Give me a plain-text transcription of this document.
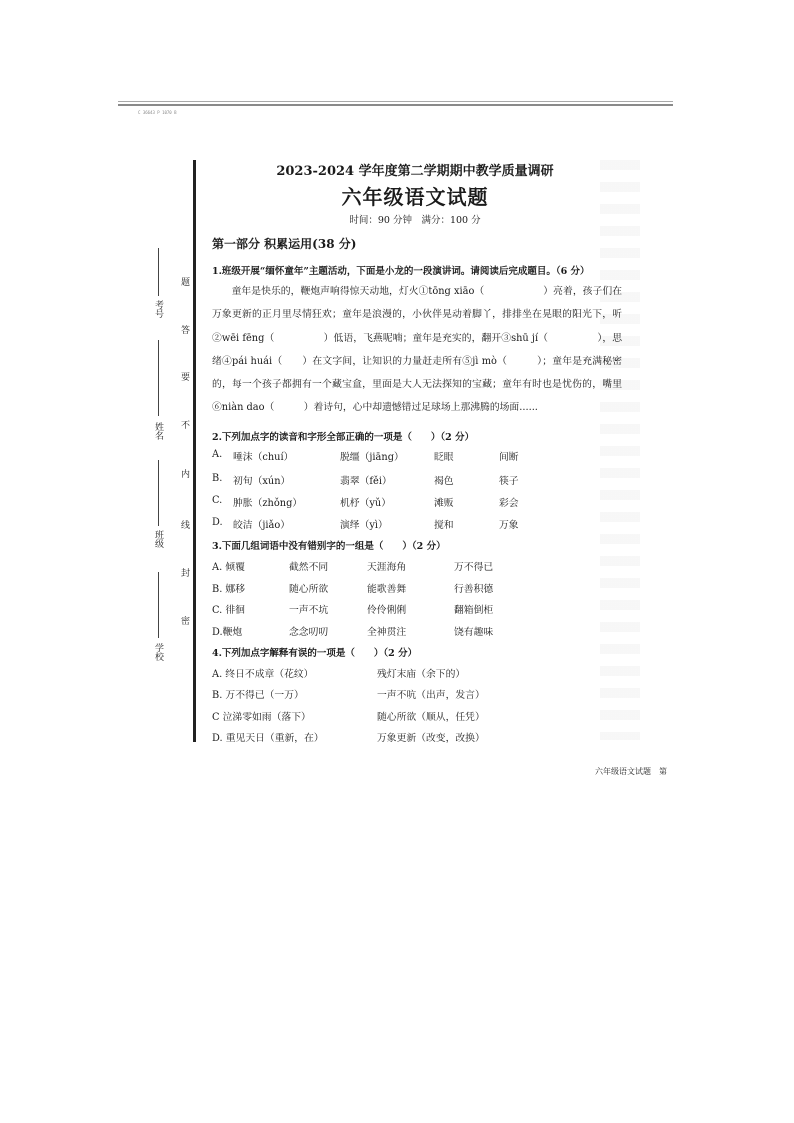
C 36643 P 1070 B
考号
姓名
班级
学校
题
答
要
不
内
线
封
密
2023-2024 学年度第二学期期中教学质量调研
六年级语文试题
时间：90 分钟　满分：100 分
第一部分 积累运用(38 分)
1.班级开展“缅怀童年”主题活动，下面是小龙的一段演讲词。请阅读后完成题目。（6 分）

童年是快乐的，鞭炮声响得惊天动地，灯火①tōng xiāo（　　　　　　）亮着，孩子们在万象更新的正月里尽情狂欢；童年是浪漫的，小伙伴晃动着脚丫，排排坐在晃眼的阳光下，听②wēi fēng（　　　　　）低语，飞燕呢喃；童年是充实的，翻开③shū jí（　　　　　），思绪④pái huái（　　）在文字间，让知识的力量赶走所有⑤jì mò（　　　）；童年是充满秘密的，每一个孩子都拥有一个藏宝盒，里面是大人无法探知的宝藏；童年有时也是忧伤的，嘴里⑥niàn dao（　　　）着诗句，心中却遗憾错过足球场上那沸腾的场面......

2.下列加点字的读音和字形全部正确的一项是（　　）（2 分）
A. 唾沫（chuí）	脱缰（jiāng）	眨眼	间断
B. 初旬（xún）	翡翠（fěi）	褐色	筷子
C. 肿胀（zhǒng）	机杼（yǔ）	滩贩	彩会
D. 皎洁（jiǎo）	演绎（yì）	搅和	万象
3.下面几组词语中没有错别字的一组是（　　）（2 分）
A. 倾覆	截然不同	天涯海角	万不得已
B. 娜移	随心所欲	能歌善舞	行善积德
C. 徘徊	一声不坑	伶伶俐俐	翻箱倒柜
D.鞭炮	念念叨叨	全神贯注	饶有趣味
4.下列加点字解释有误的一项是（　　）（2 分）
A. 终日不成章（花纹）	残灯末庙（余下的）
B. 万不得已（一万）	一声不吭（出声，发言）
C 泣涕零如雨（落下）	随心所欲（顺从，任凭）
D. 重见天日（重新，在）	万象更新（改变，改换）
六年级语文试题　第
